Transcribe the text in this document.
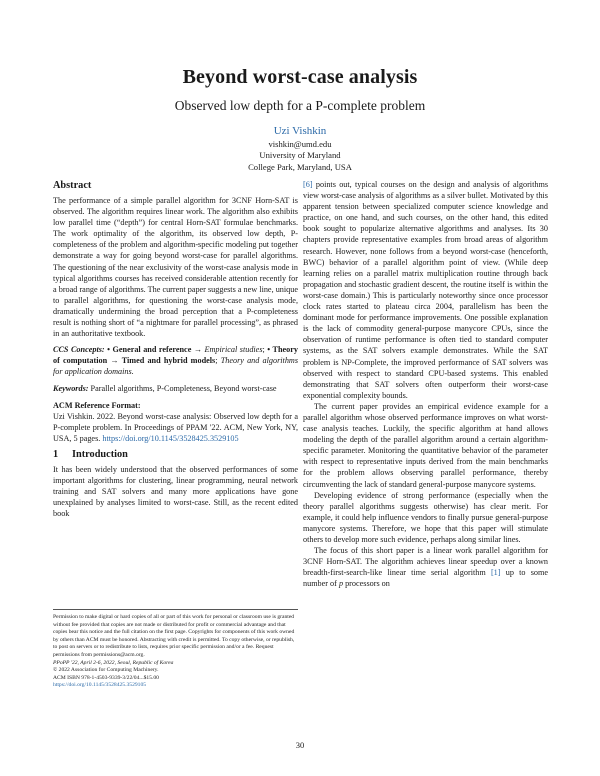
Beyond worst-case analysis
Observed low depth for a P-complete problem
Uzi Vishkin
vishkin@umd.edu
University of Maryland
College Park, Maryland, USA
Abstract

The performance of a simple parallel algorithm for 3CNF Horn-SAT is observed. The algorithm requires linear work. The algorithm also exhibits low parallel time (“depth”) for central Horn-SAT formulae benchmarks. The work optimality of the algorithm, its observed low depth, P-completeness of the problem and algorithm-specific modeling put together demonstrate a way for going beyond worst-case for parallel algorithms. The questioning of the near exclusivity of the worst-case analysis mode in typical algorithms courses has received considerable attention recently for a broad range of algorithms. The current paper suggests a new line, unique to parallel algorithms, for questioning the worst-case analysis mode, dramatically undermining the broad perception that a P-completeness result is nothing short of “a nightmare for parallel processing”, as phrased in an authoritative textbook.

CCS Concepts: • General and reference → Empirical studies; • Theory of computation → Timed and hybrid models; Theory and algorithms for application domains.

Keywords: Parallel algorithms, P-Completeness, Beyond worst-case

ACM Reference Format:

Uzi Vishkin. 2022. Beyond worst-case analysis: Observed low depth for a P-complete problem. In Proceedings of PPAM '22. ACM, New York, NY, USA, 5 pages. https://doi.org/10.1145/3528425.3529105

1 Introduction

It has been widely understood that the observed performances of some important algorithms for clustering, linear programming, neural network training and SAT solvers and many more applications have gone unexplained by analyses limited to worst-case. Still, as the recent edited book

[6] points out, typical courses on the design and analysis of algorithms view worst-case analysis of algorithms as a silver bullet. Motivated by this apparent tension between specialized computer science knowledge and practice, on one hand, and such courses, on the other hand, this edited book sought to popularize alternative algorithms and analyses. Its 30 chapters provide representative examples from broad areas of algorithm research. However, none follows from a beyond worst-case (henceforth, BWC) behavior of a parallel algorithm point of view. (While deep learning relies on a parallel matrix multiplication routine through back propagation and stochastic gradient descent, the routine itself is within the worst-case domain.) This is particularly noteworthy since once processor clock rates started to plateau circa 2004, parallelism has been the dominant mode for performance improvements. One possible explanation is the lack of commodity general-purpose manycore CPUs, since the observation of runtime performance is often tied to standard computer systems, as the SAT solvers example demonstrates. While the SAT problem is NP-Complete, the improved performance of SAT solvers was observed with respect to standard CPU-based systems. This enabled demonstrating that SAT solvers often outperform their worst-case exponential complexity bounds.

The current paper provides an empirical evidence example for a parallel algorithm whose observed performance improves on what worst-case analysis teaches. Luckily, the specific algorithm at hand allows modeling the depth of the parallel algorithm around a certain algorithm-specific parameter. Monitoring the quantitative behavior of the parameter with respect to representative inputs derived from the main benchmarks for the problem allows observing parallel performance, thereby circumventing the lack of standard general-purpose manycore systems.

Developing evidence of strong performance (especially when the theory parallel algorithms suggests otherwise) has clear merit. For example, it could help influence vendors to finally pursue general-purpose manycore systems. Therefore, we hope that this paper will stimulate others to develop more such evidence, perhaps along similar lines.

The focus of this short paper is a linear work parallel algorithm for 3CNF Horn-SAT. The algorithm achieves linear speedup over a known breadth-first-search-like linear time serial algorithm [1] up to some number of p processors on

Permission to make digital or hard copies of all or part of this work for personal or classroom use is granted without fee provided that copies are not made or distributed for profit or commercial advantage and that copies bear this notice and the full citation on the first page. Copyrights for components of this work owned by others than ACM must be honored. Abstracting with credit is permitted. To copy otherwise, or republish, to post on servers or to redistribute to lists, requires prior specific permission and/or a fee. Request permissions from permissions@acm.org.

PPoPP '22, April 2-6, 2022, Seoul, Republic of Korea

© 2022 Association for Computing Machinery.

ACM ISBN 978-1-4503-9339-3/22/04...$15.00

https://doi.org/10.1145/3528425.3529105

30
